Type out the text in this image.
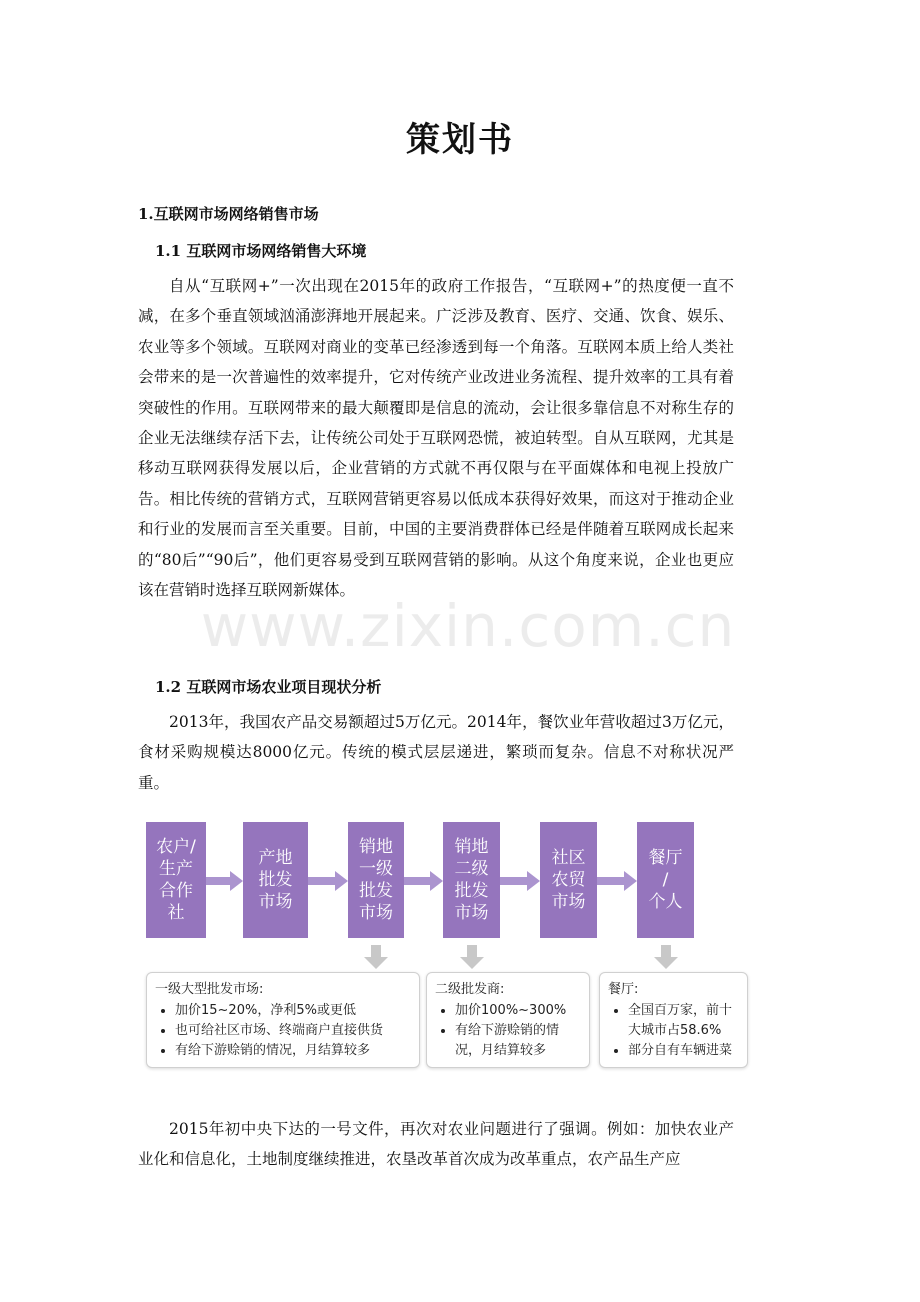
www.zixin.com.cn
策划书
1.互联网市场网络销售市场
1.1 互联网市场网络销售大环境
自从“互联网+”一次出现在2015年的政府工作报告，“互联网+”的热度便一直不减，在多个垂直领域汹涌澎湃地开展起来。广泛涉及教育、医疗、交通、饮食、娱乐、农业等多个领域。互联网对商业的变革已经渗透到每一个角落。互联网本质上给人类社会带来的是一次普遍性的效率提升，它对传统产业改进业务流程、提升效率的工具有着突破性的作用。互联网带来的最大颠覆即是信息的流动，会让很多靠信息不对称生存的企业无法继续存活下去，让传统公司处于互联网恐慌，被迫转型。自从互联网，尤其是移动互联网获得发展以后，企业营销的方式就不再仅限与在平面媒体和电视上投放广告。相比传统的营销方式，互联网营销更容易以低成本获得好效果，而这对于推动企业和行业的发展而言至关重要。目前，中国的主要消费群体已经是伴随着互联网成长起来的“80后”“90后”，他们更容易受到互联网营销的影响。从这个角度来说，企业也更应该在营销时选择互联网新媒体。
1.2 互联网市场农业项目现状分析
2013年，我国农产品交易额超过5万亿元。2014年，餐饮业年营收超过3万亿元，食材采购规模达8000亿元。传统的模式层层递进，繁琐而复杂。信息不对称状况严重。
农户/
生产
合作
社
产地
批发
市场
销地
一级
批发
市场
销地
二级
批发
市场
社区
农贸
市场
餐厅
/
个人
一级大型批发市场:
• 加价15~20%，净利5%或更低
• 也可给社区市场、终端商户直接供货
• 有给下游赊销的情况，月结算较多
二级批发商:
• 加价100%~300%
• 有给下游赊销的情况，月结算较多
餐厅:
• 全国百万家，前十大城市占58.6%
• 部分自有车辆进菜
2015年初中央下达的一号文件，再次对农业问题进行了强调。例如：加快农业产业化和信息化，土地制度继续推进，农垦改革首次成为改革重点，农产品生产应
